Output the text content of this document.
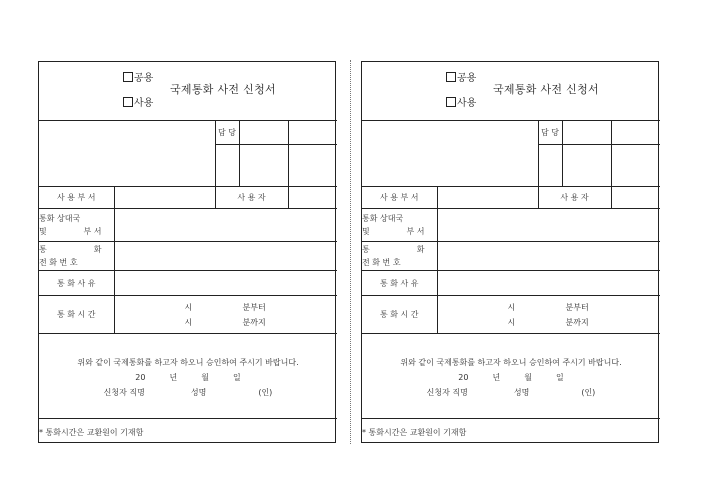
공용
사용
국제통화 사전 신청서				

		담 당		

사 용 부 서		사 용 자		

통화 상대국
및 부 서				

통 화
전 화 번 호				

통 화 사 유				
통 화 시 간	시 분부터
시 분까지			

위와 같이 국제통화를 하고자 하오니 승인하여 주시기 바랍니다.
20 년 월 일
신청자 직명 성명 (인)				

* 통화시간은 교환원이 기재함				
공용
사용
국제통화 사전 신청서				

		담 당		

사 용 부 서		사 용 자		

통화 상대국
및 부 서				

통 화
전 화 번 호				

통 화 사 유				
통 화 시 간	시 분부터
시 분까지			

위와 같이 국제통화를 하고자 하오니 승인하여 주시기 바랍니다.
20 년 월 일
신청자 직명 성명 (인)				

* 통화시간은 교환원이 기재함				
